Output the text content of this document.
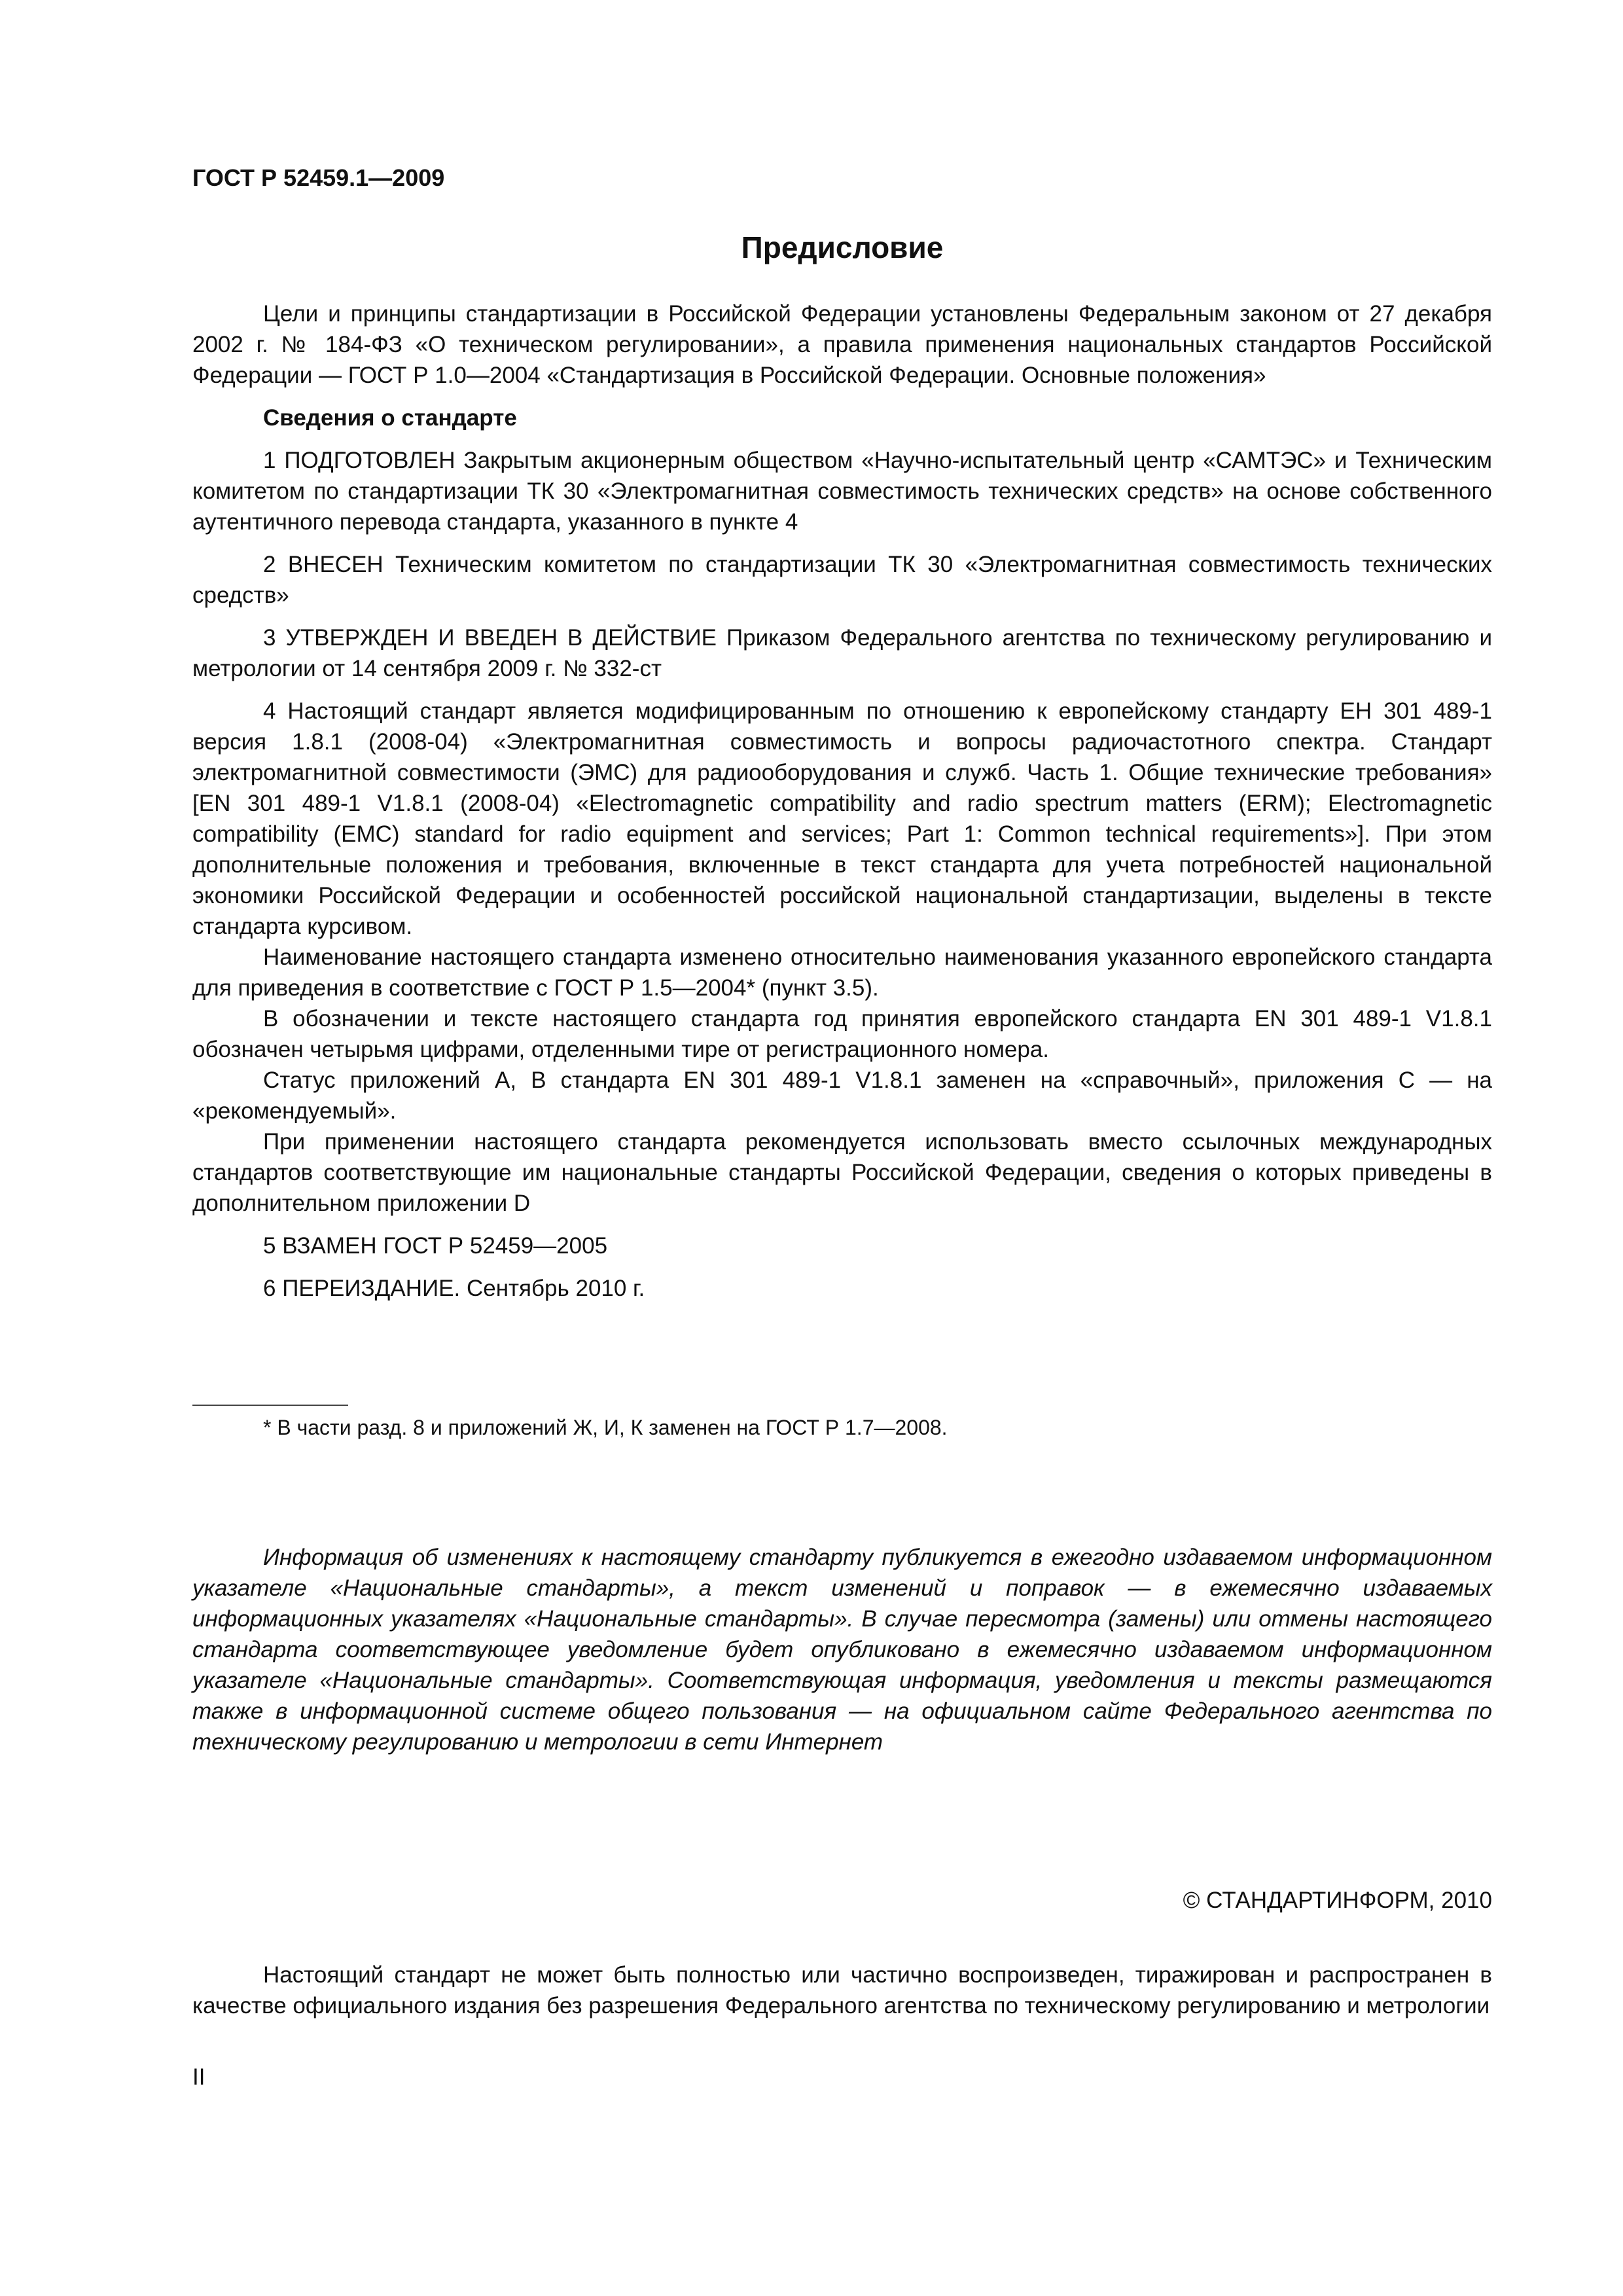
ГОСТ Р 52459.1—2009
Предисловие

Цели и принципы стандартизации в Российской Федерации установлены Федеральным законом от 27 декабря 2002 г. № 184-ФЗ «О техническом регулировании», а правила применения национальных стандартов Российской Федерации — ГОСТ Р 1.0—2004 «Стандартизация в Российской Федерации. Основные положения»

Сведения о стандарте

1 ПОДГОТОВЛЕН Закрытым акционерным обществом «Научно-испытательный центр «САМТЭС» и Техническим комитетом по стандартизации ТК 30 «Электромагнитная совместимость технических средств» на основе собственного аутентичного перевода стандарта, указанного в пункте 4

2 ВНЕСЕН Техническим комитетом по стандартизации ТК 30 «Электромагнитная совместимость технических средств»

3 УТВЕРЖДЕН И ВВЕДЕН В ДЕЙСТВИЕ Приказом Федерального агентства по техническому регулированию и метрологии от 14 сентября 2009 г. № 332-ст

4 Настоящий стандарт является модифицированным по отношению к европейскому стандарту ЕН 301 489-1 версия 1.8.1 (2008-04) «Электромагнитная совместимость и вопросы радиочастотного спектра. Стандарт электромагнитной совместимости (ЭМС) для радиооборудования и служб. Часть 1. Общие технические требования» [EN 301 489-1 V1.8.1 (2008-04) «Electromagnetic compatibility and radio spectrum matters (ERM); Electromagnetic compatibility (EMC) standard for radio equipment and services; Part 1: Common technical requirements»]. При этом дополнительные положения и требования, включенные в текст стандарта для учета потребностей национальной экономики Российской Федерации и особенностей российской национальной стандартизации, выделены в тексте стандарта курсивом.

Наименование настоящего стандарта изменено относительно наименования указанного европейского стандарта для приведения в соответствие с ГОСТ Р 1.5—2004* (пункт 3.5).

В обозначении и тексте настоящего стандарта год принятия европейского стандарта EN 301 489-1 V1.8.1 обозначен четырьмя цифрами, отделенными тире от регистрационного номера.

Статус приложений А, В стандарта EN 301 489-1 V1.8.1 заменен на «справочный», приложения С — на «рекомендуемый».

При применении настоящего стандарта рекомендуется использовать вместо ссылочных международных стандартов соответствующие им национальные стандарты Российской Федерации, сведения о которых приведены в дополнительном приложении D

5 ВЗАМЕН ГОСТ Р 52459—2005

6 ПЕРЕИЗДАНИЕ. Сентябрь 2010 г.

* В части разд. 8 и приложений Ж, И, К заменен на ГОСТ Р 1.7—2008.

Информация об изменениях к настоящему стандарту публикуется в ежегодно издаваемом информационном указателе «Национальные стандарты», а текст изменений и поправок — в ежемесячно издаваемых информационных указателях «Национальные стандарты». В случае пересмотра (замены) или отмены настоящего стандарта соответствующее уведомление будет опубликовано в ежемесячно издаваемом информационном указателе «Национальные стандарты». Соответствующая информация, уведомления и тексты размещаются также в информационной системе общего пользования — на официальном сайте Федерального агентства по техническому регулированию и метрологии в сети Интернет

© СТАНДАРТИНФОРМ, 2010

Настоящий стандарт не может быть полностью или частично воспроизведен, тиражирован и распространен в качестве официального издания без разрешения Федерального агентства по техническому регулированию и метрологии

II
